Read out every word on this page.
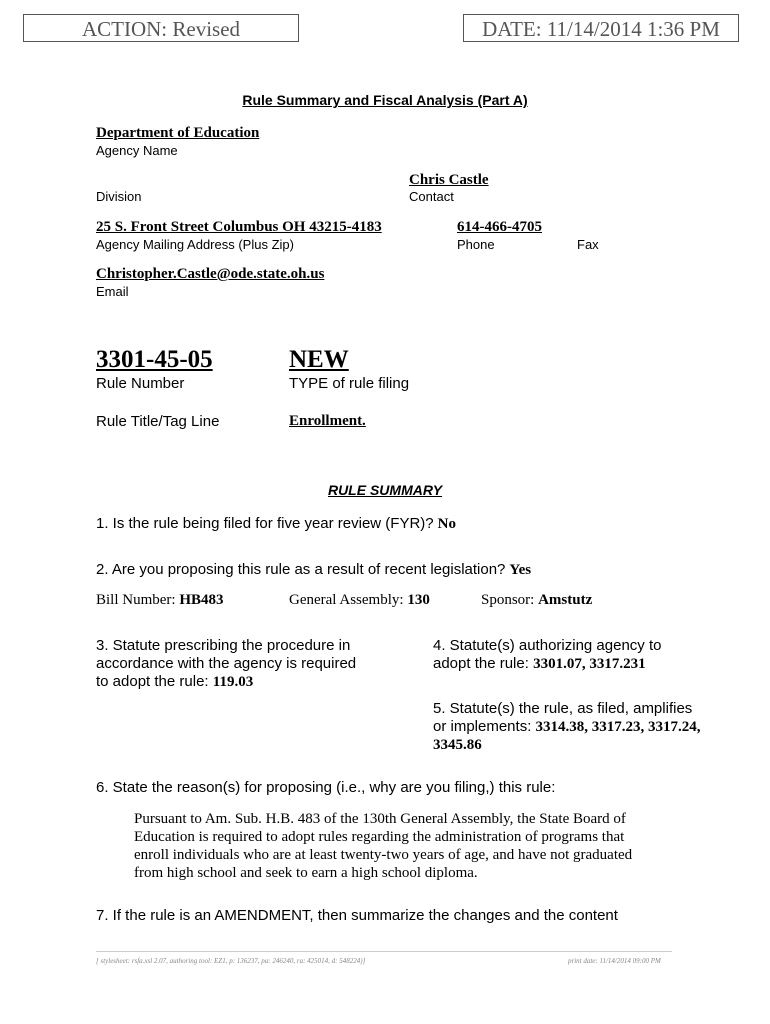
ACTION: Revised	DATE: 11/14/2014 1:36 PM
Rule Summary and Fiscal Analysis (Part A)
Department of Education
Agency Name
Chris Castle
Division	Contact
25 S. Front Street Columbus OH 43215-4183	614-466-4705
Agency Mailing Address (Plus Zip)	Phone	Fax
Christopher.Castle@ode.state.oh.us
Email
3301-45-05	NEW
Rule Number	TYPE of rule filing
Rule Title/Tag Line	Enrollment.
RULE SUMMARY
1. Is the rule being filed for five year review (FYR)? No
2. Are you proposing this rule as a result of recent legislation? Yes
Bill Number: HB483	General Assembly: 130	Sponsor: Amstutz
3. Statute prescribing the procedure in
accordance with the agency is required
to adopt the rule: 119.03
4. Statute(s) authorizing agency to
adopt the rule: 3301.07, 3317.231
5. Statute(s) the rule, as filed, amplifies
or implements: 3314.38, 3317.23, 3317.24,
3345.86
6. State the reason(s) for proposing (i.e., why are you filing,) this rule:
Pursuant to Am. Sub. H.B. 483 of the 130th General Assembly, the State Board of
Education is required to adopt rules regarding the administration of programs that
enroll individuals who are at least twenty-two years of age, and have not graduated
from high school and seek to earn a high school diploma.
7. If the rule is an AMENDMENT, then summarize the changes and the content
[ stylesheet: rsfa.xsl 2.07, authoring tool: EZ1, p: 136237, pa: 246240, ra: 425014, d: 548224)]	print date: 11/14/2014 09:00 PM
